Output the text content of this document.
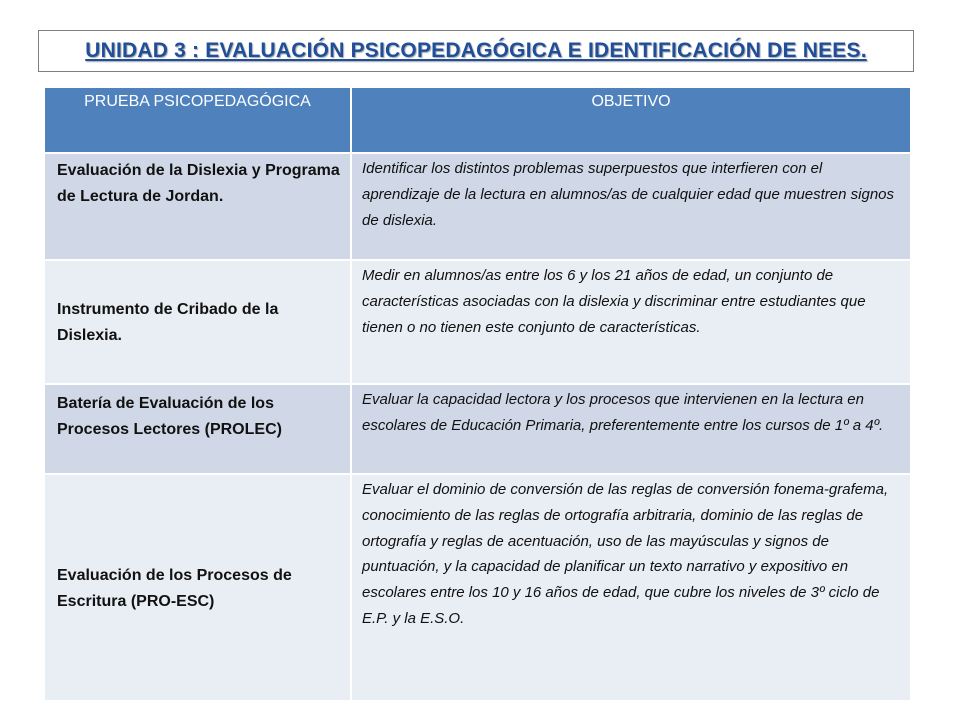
UNIDAD 3 : EVALUACIÓN PSICOPEDAGÓGICA E IDENTIFICACIÓN DE NEES.
PRUEBA PSICOPEDAGÓGICA	OBJETIVO
Evaluación de la Dislexia y Programa de Lectura de Jordan.	Identificar los distintos problemas superpuestos que interfieren con el aprendizaje de la lectura en alumnos/as de cualquier edad que muestren signos de dislexia.
Instrumento de Cribado de la Dislexia.	Medir en alumnos/as entre los 6 y los 21 años de edad, un conjunto de características asociadas con la dislexia y discriminar entre estudiantes que tienen o no tienen este conjunto de características.
Batería de Evaluación de los Procesos Lectores (PROLEC)	Evaluar la capacidad lectora y los procesos que intervienen en la lectura en escolares de Educación Primaria, preferentemente entre los cursos de 1º a 4º.
Evaluación de los Procesos de Escritura (PRO-ESC)	Evaluar el dominio de conversión de las reglas de conversión fonema-grafema, conocimiento de las reglas de ortografía arbitraria, dominio de las reglas de ortografía y reglas de acentuación, uso de las mayúsculas y signos de puntuación, y la capacidad de planificar un texto narrativo y expositivo en escolares entre los 10 y 16 años de edad, que cubre los niveles de 3º ciclo de E.P. y la E.S.O.
